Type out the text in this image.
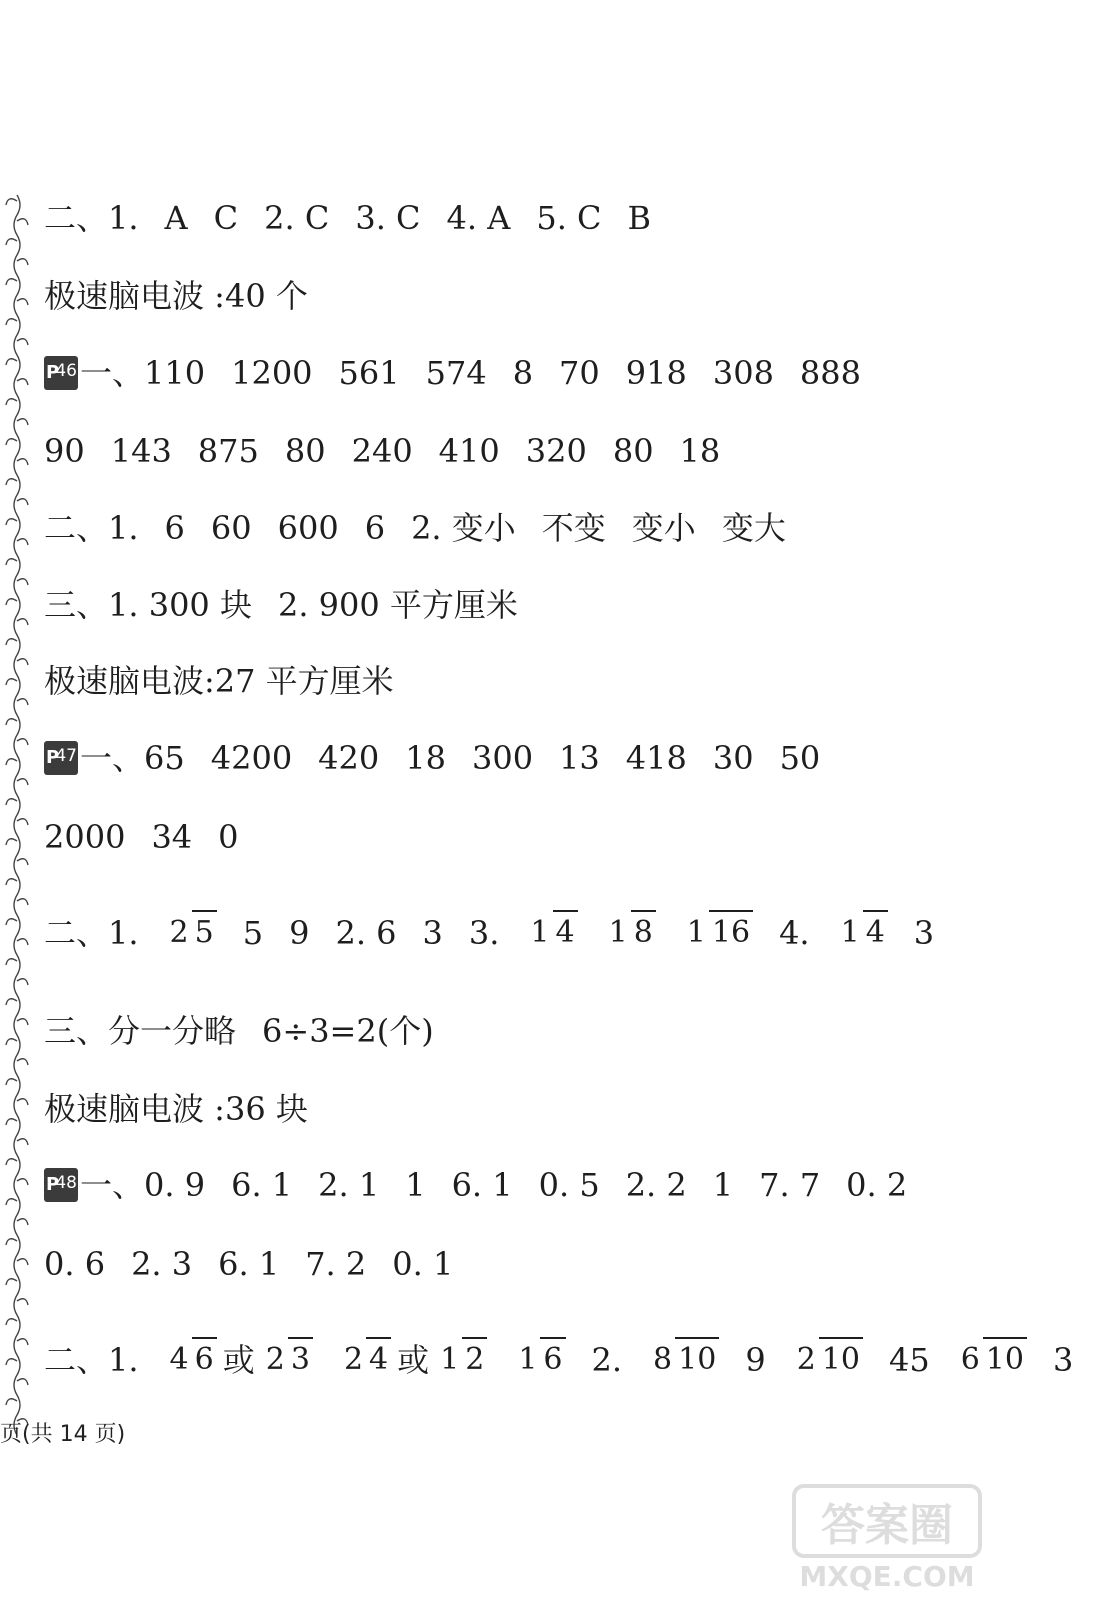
二、1. A C 2. C 3. C 4. A 5. C B
极速脑电波 :40 个
P
46 一、110 1200 561 574 8 70 918 308 888
90 143 875 80 240 410 320 80 18
二、1. 6 60 600 6 2. 变小 不变 变小 变大
三、1. 300 块 2. 900 平方厘米
极速脑电波:27 平方厘米
P
47 一、65 4200 420 18 300 13 418 30 50
2000 34 0
二、1. 2 5 5 9 2. 6 3 3. 1 4 1 8 1 16 4. 1 4 3
三、分一分略 6÷3=2(个)
极速脑电波 :36 块
P
48 一、0. 9 6. 1 2. 1 1 6. 1 0. 5 2. 2 1 7. 7 0. 2
0. 6 2. 3 6. 1 7. 2 0. 1
二、1. 4 6 或 2 3 2 4 或 1 2 1 6 2. 8 10 9 2 10 45 6 10 3
页(共 14 页)
答案圈
MXQE.COM
